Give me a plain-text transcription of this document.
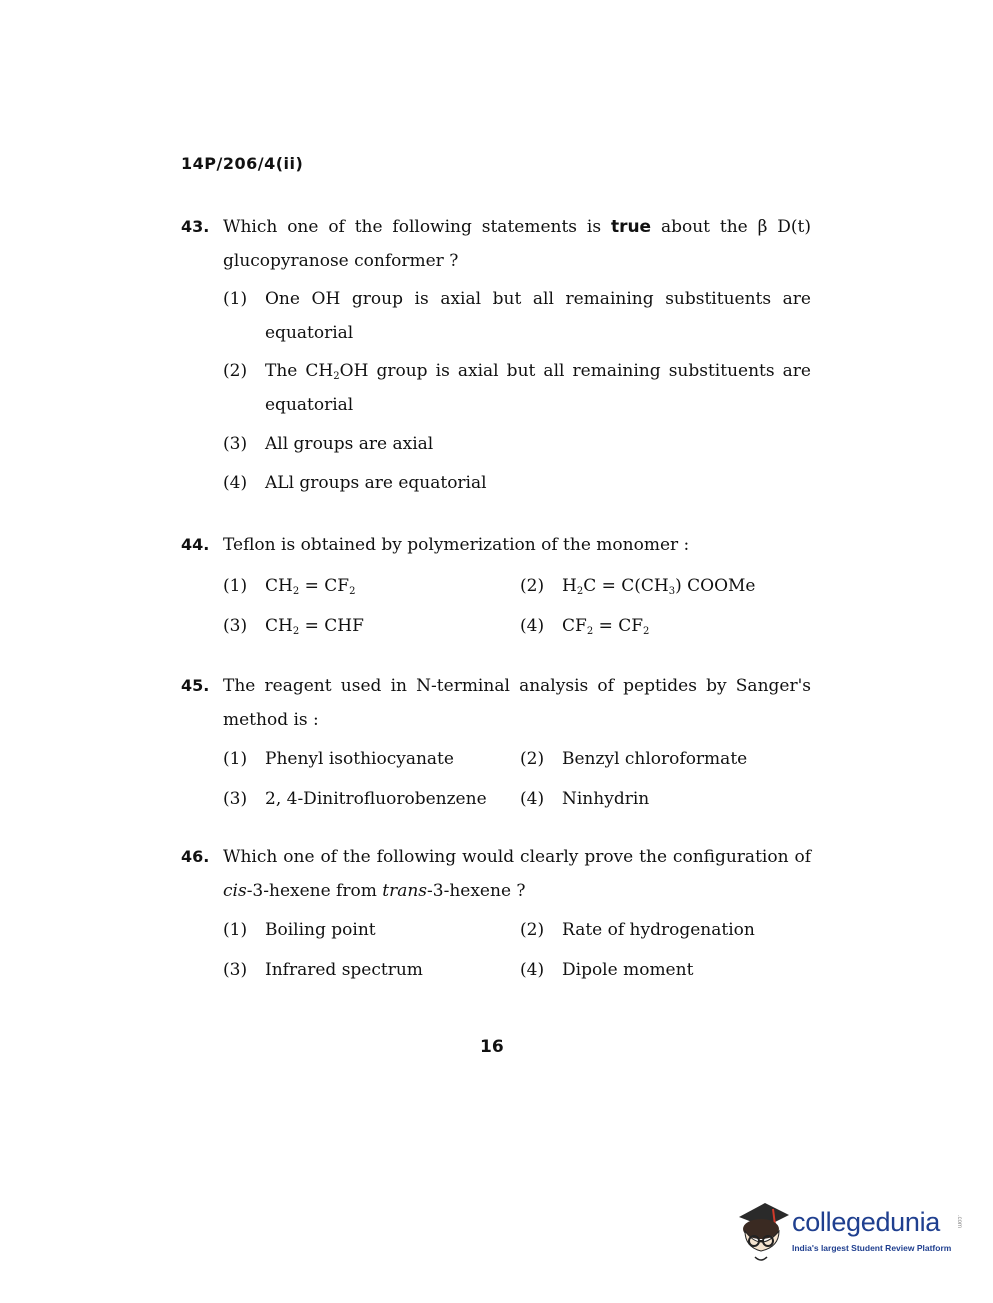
14P/206/4(ii)
43. Which one of the following statements is true about the β D(t)
glucopyranose conformer ?
(1)	One OH group is axial but all remaining substituents are
equatorial
(2)	The $CH_2OH$ group is axial but all remaining substituents are
equatorial
(3)	All groups are axial
(4)	ALl groups are equatorial
44. Teflon is obtained by polymerization of the monomer :
(1)	$CH_2 = CF_2$	(2)	$H_2C = C(CH_3)$ COOMe
(3)	$CH_2$ = CHF	(4)	$CF_2 = CF_2$
45. The reagent used in N-terminal analysis of peptides by Sanger's
method is :
(1)	Phenyl isothiocyanate	(2)	Benzyl chloroformate
(3)	2, 4-Dinitrofluorobenzene (4)	Ninhydrin
46. Which one of the following would clearly prove the configuration of
cis-3-hexene from trans-3-hexene ?
(1)	Boiling point	(2)	Rate of hydrogenation
(3)	Infrared spectrum	(4)	Dipole moment
16
collegedunia	.com
India's largest Student Review Platform
